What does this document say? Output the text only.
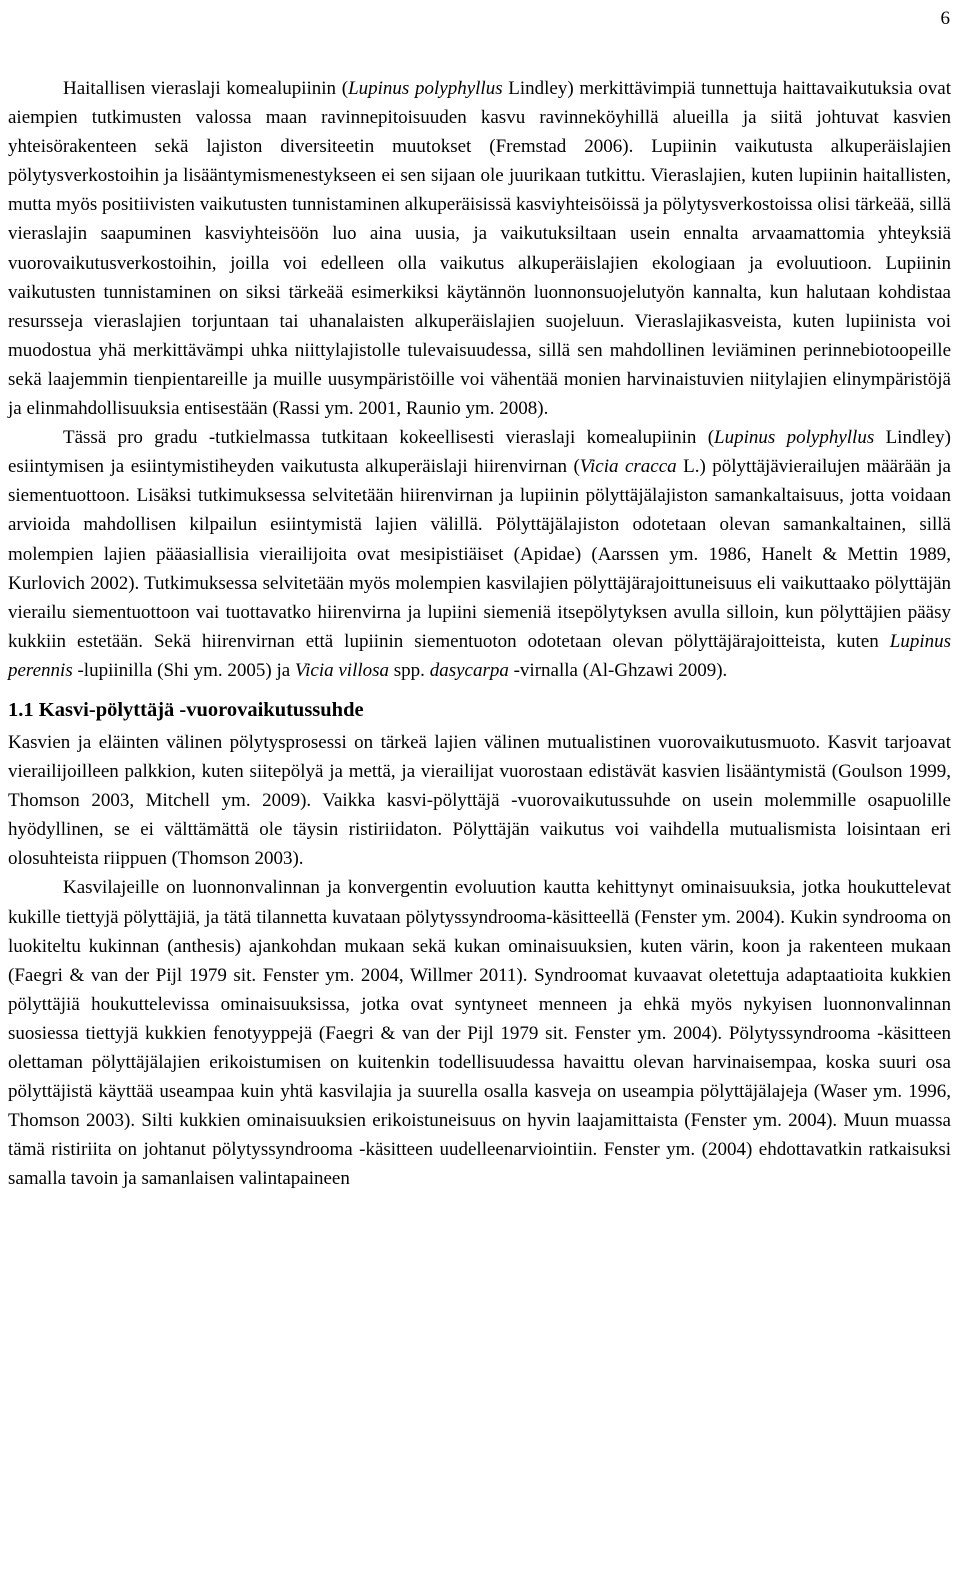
6

Haitallisen vieraslaji komealupiinin (Lupinus polyphyllus Lindley) merkittävimpiä tunnettuja haittavaikutuksia ovat aiempien tutkimusten valossa maan ravinnepitoisuuden kasvu ravinneköyhillä alueilla ja siitä johtuvat kasvien yhteisörakenteen sekä lajiston diversiteetin muutokset (Fremstad 2006). Lupiinin vaikutusta alkuperäislajien pölytysverkostoihin ja lisääntymismenestykseen ei sen sijaan ole juurikaan tutkittu. Vieraslajien, kuten lupiinin haitallisten, mutta myös positiivisten vaikutusten tunnistaminen alkuperäisissä kasviyhteisöissä ja pölytysverkostoissa olisi tärkeää, sillä vieraslajin saapuminen kasviyhteisöön luo aina uusia, ja vaikutuksiltaan usein ennalta arvaamattomia yhteyksiä vuorovaikutusverkostoihin, joilla voi edelleen olla vaikutus alkuperäislajien ekologiaan ja evoluutioon. Lupiinin vaikutusten tunnistaminen on siksi tärkeää esimerkiksi käytännön luonnonsuojelutyön kannalta, kun halutaan kohdistaa resursseja vieraslajien torjuntaan tai uhanalaisten alkuperäislajien suojeluun. Vieraslajikasveista, kuten lupiinista voi muodostua yhä merkittävämpi uhka niittylajistolle tulevaisuudessa, sillä sen mahdollinen leviäminen perinnebiotoopeille sekä laajemmin tienpientareille ja muille uusympäristöille voi vähentää monien harvinaistuvien niitylajien elinympäristöjä ja elinmahdollisuuksia entisestään (Rassi ym. 2001, Raunio ym. 2008).

Tässä pro gradu -tutkielmassa tutkitaan kokeellisesti vieraslaji komealupiinin (Lupinus polyphyllus Lindley) esiintymisen ja esiintymistiheyden vaikutusta alkuperäislaji hiirenvirnan (Vicia cracca L.) pölyttäjävierailujen määrään ja siementuottoon. Lisäksi tutkimuksessa selvitetään hiirenvirnan ja lupiinin pölyttäjälajiston samankaltaisuus, jotta voidaan arvioida mahdollisen kilpailun esiintymistä lajien välillä. Pölyttäjälajiston odotetaan olevan samankaltainen, sillä molempien lajien pääasiallisia vierailijoita ovat mesipistiäiset (Apidae) (Aarssen ym. 1986, Hanelt & Mettin 1989, Kurlovich 2002). Tutkimuksessa selvitetään myös molempien kasvilajien pölyttäjärajoittuneisuus eli vaikuttaako pölyttäjän vierailu siementuottoon vai tuottavatko hiirenvirna ja lupiini siemeniä itsepölytyksen avulla silloin, kun pölyttäjien pääsy kukkiin estetään. Sekä hiirenvirnan että lupiinin siementuoton odotetaan olevan pölyttäjärajoitteista, kuten Lupinus perennis -lupiinilla (Shi ym. 2005) ja Vicia villosa spp. dasycarpa -virnalla (Al-Ghzawi 2009).

1.1 Kasvi-pölyttäjä -vuorovaikutussuhde

Kasvien ja eläinten välinen pölytysprosessi on tärkeä lajien välinen mutualistinen vuorovaikutusmuoto. Kasvit tarjoavat vierailijoilleen palkkion, kuten siitepölyä ja mettä, ja vierailijat vuorostaan edistävät kasvien lisääntymistä (Goulson 1999, Thomson 2003, Mitchell ym. 2009). Vaikka kasvi-pölyttäjä -vuorovaikutussuhde on usein molemmille osapuolille hyödyllinen, se ei välttämättä ole täysin ristiriidaton. Pölyttäjän vaikutus voi vaihdella mutualismista loisintaan eri olosuhteista riippuen (Thomson 2003).

Kasvilajeille on luonnonvalinnan ja konvergentin evoluution kautta kehittynyt ominaisuuksia, jotka houkuttelevat kukille tiettyjä pölyttäjiä, ja tätä tilannetta kuvataan pölytyssyndrooma-käsitteellä (Fenster ym. 2004). Kukin syndrooma on luokiteltu kukinnan (anthesis) ajankohdan mukaan sekä kukan ominaisuuksien, kuten värin, koon ja rakenteen mukaan (Faegri & van der Pijl 1979 sit. Fenster ym. 2004, Willmer 2011). Syndroomat kuvaavat oletettuja adaptaatioita kukkien pölyttäjiä houkuttelevissa ominaisuuksissa, jotka ovat syntyneet menneen ja ehkä myös nykyisen luonnonvalinnan suosiessa tiettyjä kukkien fenotyyppejä (Faegri & van der Pijl 1979 sit. Fenster ym. 2004). Pölytyssyndrooma -käsitteen olettaman pölyttäjälajien erikoistumisen on kuitenkin todellisuudessa havaittu olevan harvinaisempaa, koska suuri osa pölyttäjistä käyttää useampaa kuin yhtä kasvilajia ja suurella osalla kasveja on useampia pölyttäjälajeja (Waser ym. 1996, Thomson 2003). Silti kukkien ominaisuuksien erikoistuneisuus on hyvin laajamittaista (Fenster ym. 2004). Muun muassa tämä ristiriita on johtanut pölytyssyndrooma -käsitteen uudelleenarviointiin. Fenster ym. (2004) ehdottavatkin ratkaisuksi samalla tavoin ja samanlaisen valintapaineen
